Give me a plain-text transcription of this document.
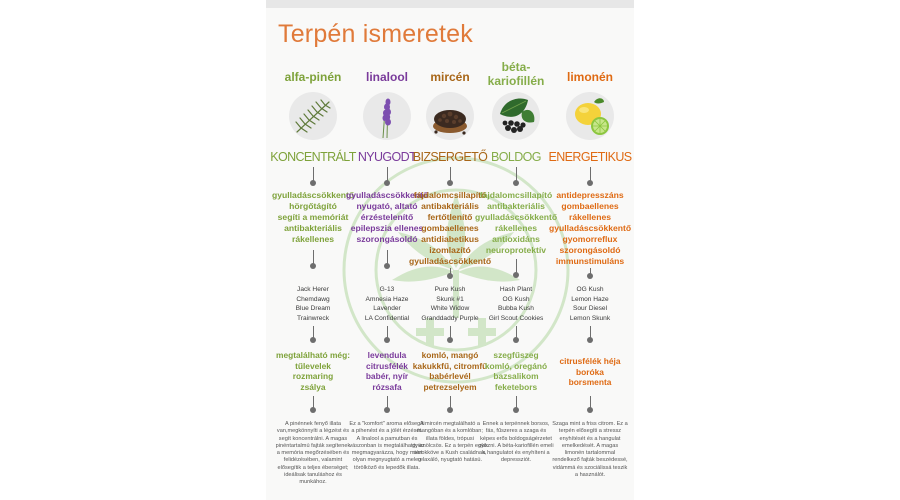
Terpén ismeretek
alfa-pinén
KONCENTRÁLT
gyulladáscsökkentő
hörgőtágító
segíti a memóriát
antibakteriális
rákellenes
Jack Herer
Chemdawg
Blue Dream
Trainwreck
megtalálható még:
tűlevelek
rozmaring
zsálya
A pinénnek fenyő illata van,megkönnyíti a légzést és segít koncentrálni. A magas pinéntartalmú fajták segítenek a memória megőrzésében és felidézésében, valamint elősegítik a teljes éberséget; ideálisak tanuláshoz és munkához.
linalool
NYUGODT
gyulladáscsökkentő
nyugató, altató
érzéstelenítő
epilepszia ellenes
szorongásoldó
G-13
Amnesia Haze
Lavender
LA Confidential
levendula
citrusfélék
babér, nyír
rózsafa
Ez a "komfort" aroma elősegíti a pihenést és a jólét érzését. A linalool a pamutban és vászonban is megtalálható; ez megmagyarázza, hogy miért olyan megnyugtató a meleg törölköző és lepedők illata.
mircén
BIZSERGETŐ
fájdalomcsillapító
antibakteriális
fertőtlenítő
gombaellenes
antidiabetikus
izomlazító
gyulladáscsökkentő
Pure Kush
Skunk #1
White Widow
Granddaddy Purple
komló, mangó
kakukkfű, citromfű
babérlevél
petrezselyem
A mircén megtalálható a mangóban és a komlóban; illata földes, trópusi gyümölcsös. Ez a terpén egyik sarokköve a Kush családnak, relaxáló, nyugtató hatású.
béta-kariofillén
BOLDOG
fájdalomcsillapító
antibakteriális
gyulladáscsökkentő
rákellenes
antioxidáns
neuroprotektív
Hash Plant
OG Kush
Bubba Kush
Girl Scout Cookies
szegfűszeg
komló, oregánó
bazsalikom
feketebors
Ennek a terpénnek borsos, fás, fűszeres a szaga és képes erős boldogságérzetet okozni. A béta-kariofillén emeli a hangulatot és enyhíteni a depressziót.
limonén
ENERGETIKUS
antidepresszáns
gombaellenes
rákellenes
gyulladáscsökkentő
gyomorreflux
szorongásoldó
immunstimuláns
OG Kush
Lemon Haze
Sour Diesel
Lemon Skunk
citrusfélék héja
boróka
borsmenta
Szaga mint a friss citrom. Ez a terpén elősegíti a stressz enyhítését és a hangulat emelkedését. A magas limonén tartalommal rendelkező fajták beszédessé, vidámmá és szociálissá teszik a használót.
